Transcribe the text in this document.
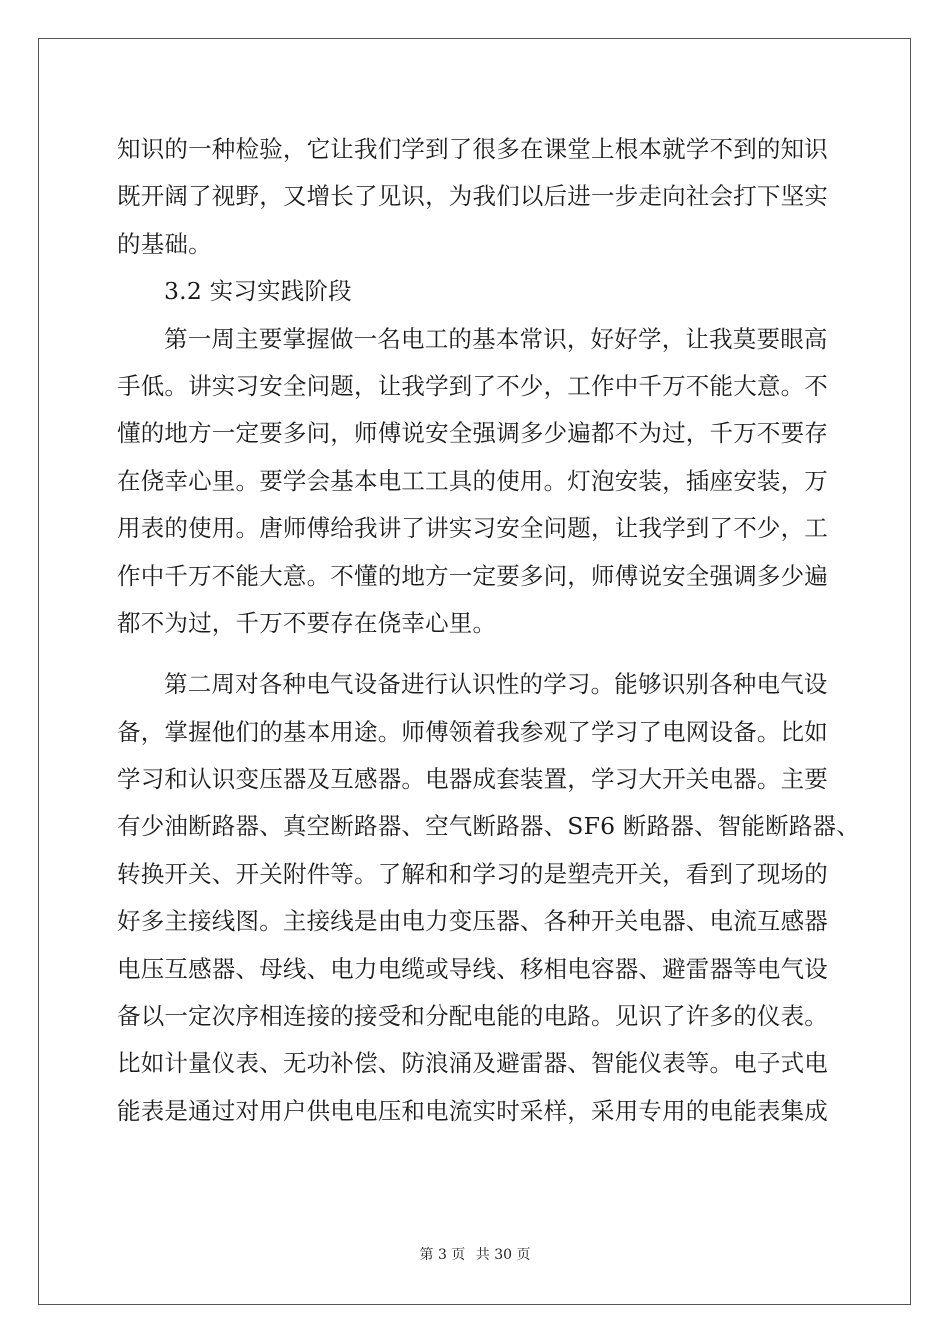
知识的一种检验，它让我们学到了很多在课堂上根本就学不到的知识
既开阔了视野，又增长了见识，为我们以后进一步走向社会打下坚实
的基础。
3.2 实习实践阶段
第一周主要掌握做一名电工的基本常识，好好学，让我莫要眼高
手低。讲实习安全问题，让我学到了不少，工作中千万不能大意。不
懂的地方一定要多问，师傅说安全强调多少遍都不为过，千万不要存
在侥幸心里。要学会基本电工工具的使用。灯泡安装，插座安装，万
用表的使用。唐师傅给我讲了讲实习安全问题，让我学到了不少，工
作中千万不能大意。不懂的地方一定要多问，师傅说安全强调多少遍
都不为过，千万不要存在侥幸心里。
第二周对各种电气设备进行认识性的学习。能够识别各种电气设
备，掌握他们的基本用途。师傅领着我参观了学习了电网设备。比如
学习和认识变压器及互感器。电器成套装置，学习大开关电器。主要
有少油断路器、真空断路器、空气断路器、SF6 断路器、智能断路器、
转换开关、开关附件等。了解和和学习的是塑壳开关，看到了现场的
好多主接线图。主接线是由电力变压器、各种开关电器、电流互感器
电压互感器、母线、电力电缆或导线、移相电容器、避雷器等电气设
备以一定次序相连接的接受和分配电能的电路。见识了许多的仪表。
比如计量仪表、无功补偿、防浪涌及避雷器、智能仪表等。电子式电
能表是通过对用户供电电压和电流实时采样，采用专用的电能表集成
第 3 页 共 30 页
